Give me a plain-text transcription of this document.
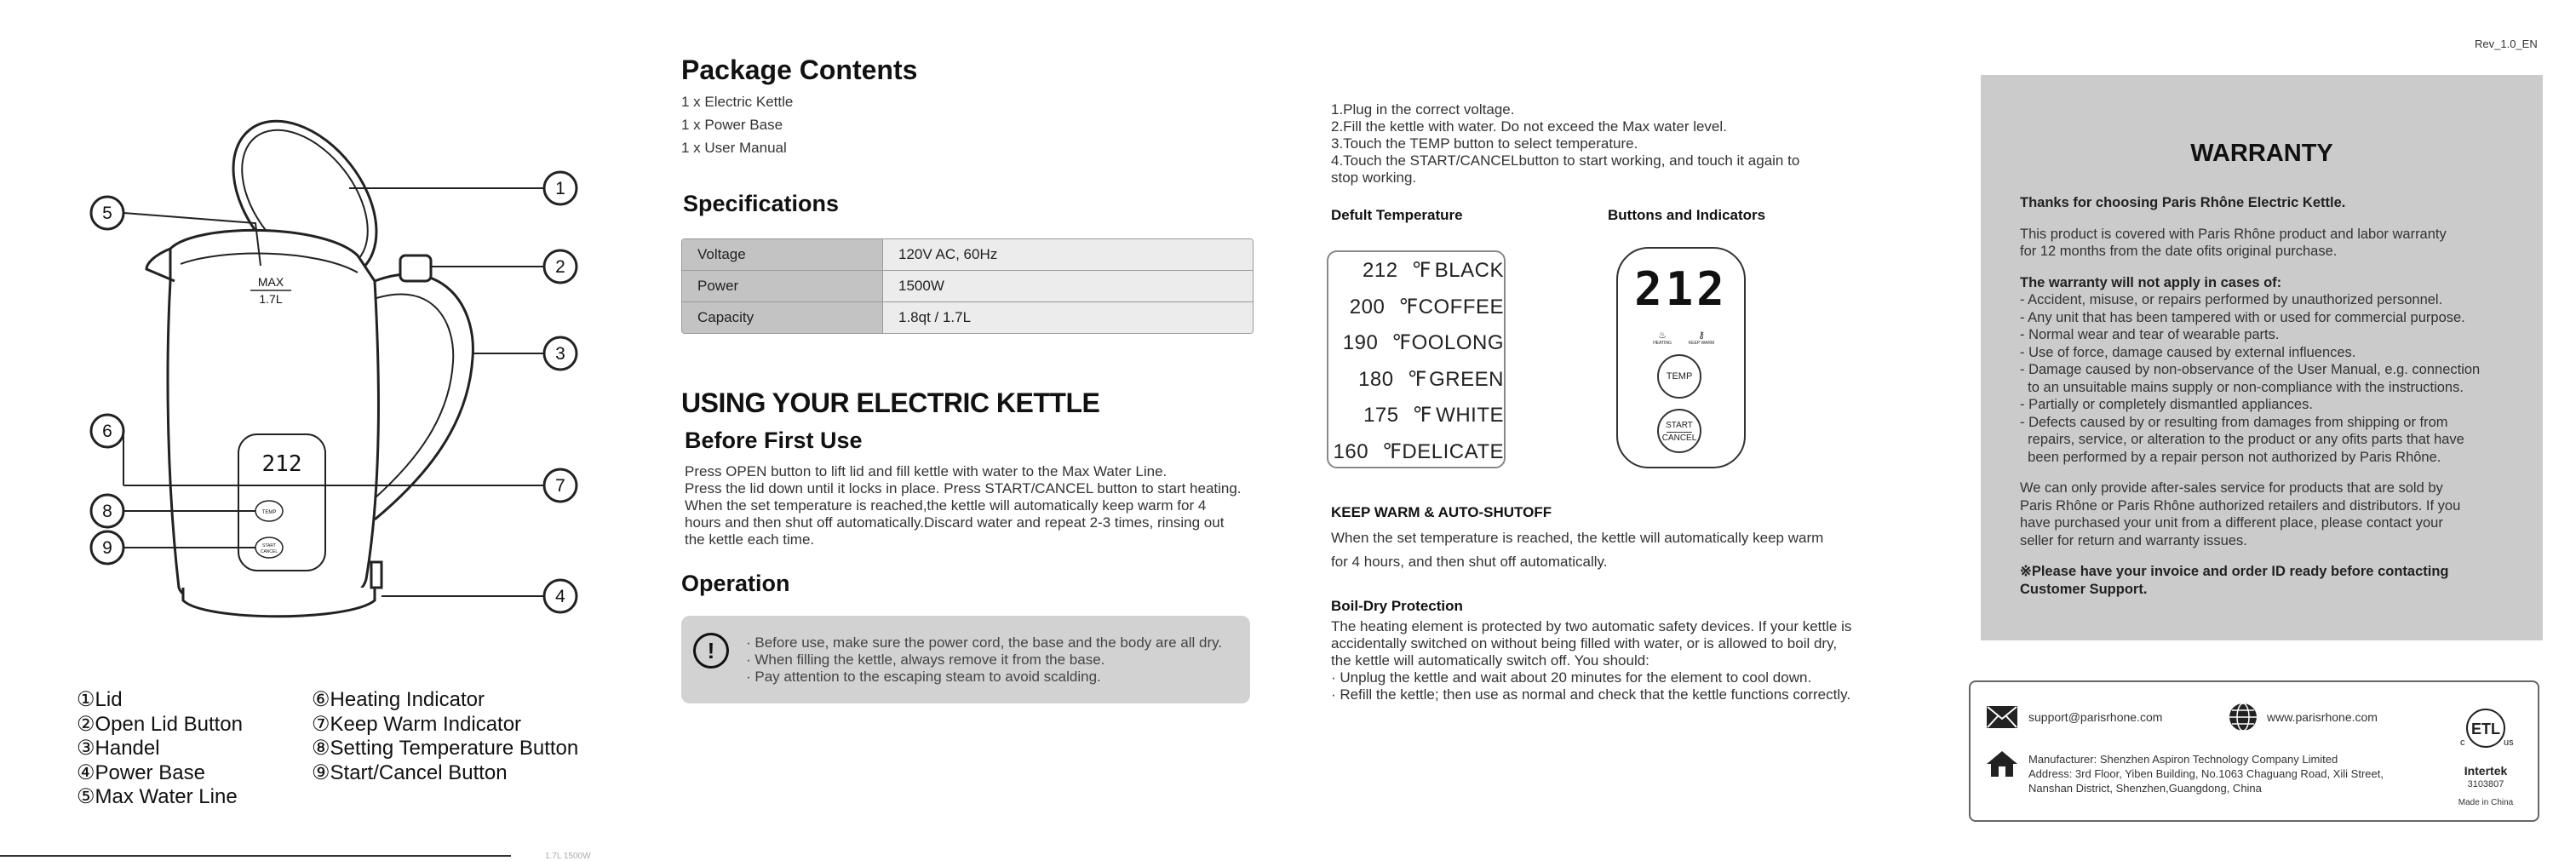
MAX
1.7L
212
TEMP
START
CANCEL
1
2
3
4
5
6
7
8
9
①Lid
②Open Lid Button
③Handel
④Power Base
⑤Max Water Line
⑥Heating Indicator
⑦Keep Warm Indicator
⑧Setting Temperature Button
⑨Start/Cancel Button
1.7L 1500W
Package Contents
1 x Electric Kettle
1 x Power Base
1 x User Manual
Specifications
Voltage	120V AC, 60Hz
Power	1500W
Capacity	1.8qt / 1.7L
USING YOUR ELECTRIC KETTLE
Before First Use
Press OPEN button to lift lid and fill kettle with water to the Max Water Line.
Press the lid down until it locks in place. Press START/CANCEL button to start heating.
When the set temperature is reached,the kettle will automatically keep warm for 4
hours and then shut off automatically.Discard water and repeat 2-3 times, rinsing out
the kettle each time.
Operation
!	· Before use, make sure the power cord, the base and the body are all dry.
· When filling the kettle, always remove it from the base.
· Pay attention to the escaping steam to avoid scalding.
1.Plug in the correct voltage.
2.Fill the kettle with water. Do not exceed the Max water level.
3.Touch the TEMP button to select temperature.
4.Touch the START/CANCELbutton to start working, and touch it again to
stop working.
Defult Temperature
212 ℉ BLACK
200 ℉ COFFEE
190 ℉ OOLONG
180 ℉ GREEN
175 ℉ WHITE
160 ℉ DELICATE
Buttons and Indicators
212
♨
HEATING
⚷
KEEP WARM
TEMP
START
CANCEL
KEEP WARM & AUTO-SHUTOFF
When the set temperature is reached, the kettle will automatically keep warm
for 4 hours, and then shut off automatically.
Boil-Dry Protection
The heating element is protected by two automatic safety devices. If your kettle is
accidentally switched on without being filled with water, or is allowed to boil dry,
the kettle will automatically switch off. You should:
· Unplug the kettle and wait about 20 minutes for the element to cool down.
· Refill the kettle; then use as normal and check that the kettle functions correctly.
Rev_1.0_EN
WARRANTY
Thanks for choosing Paris Rhône Electric Kettle.
This product is covered with Paris Rhône product and labor warranty
for 12 months from the date ofits original purchase.
The warranty will not apply in cases of:
- Accident, misuse, or repairs performed by unauthorized personnel.
- Any unit that has been tampered with or used for commercial purpose.
- Normal wear and tear of wearable parts.
- Use of force, damage caused by external influences.
- Damage caused by non-observance of the User Manual, e.g. connection
to an unsuitable mains supply or non-compliance with the instructions.
- Partially or completely dismantled appliances.
- Defects caused by or resulting from damages from shipping or from
repairs, service, or alteration to the product or any ofits parts that have
been performed by a repair person not authorized by Paris Rhône.
We can only provide after-sales service for products that are sold by
Paris Rhône or Paris Rhône authorized retailers and distributors. If you
have purchased your unit from a different place, please contact your
seller for return and warranty issues.
※Please have your invoice and order ID ready before contacting
Customer Support.
support@parisrhone.com	www.parisrhone.com
Manufacturer: Shenzhen Aspiron Technology Company Limited
Address: 3rd Floor, Yiben Building, No.1063 Chaguang Road, Xili Street,
Nanshan District, Shenzhen,Guangdong, China
ETL
c	us
Intertek
3103807
Made in China
